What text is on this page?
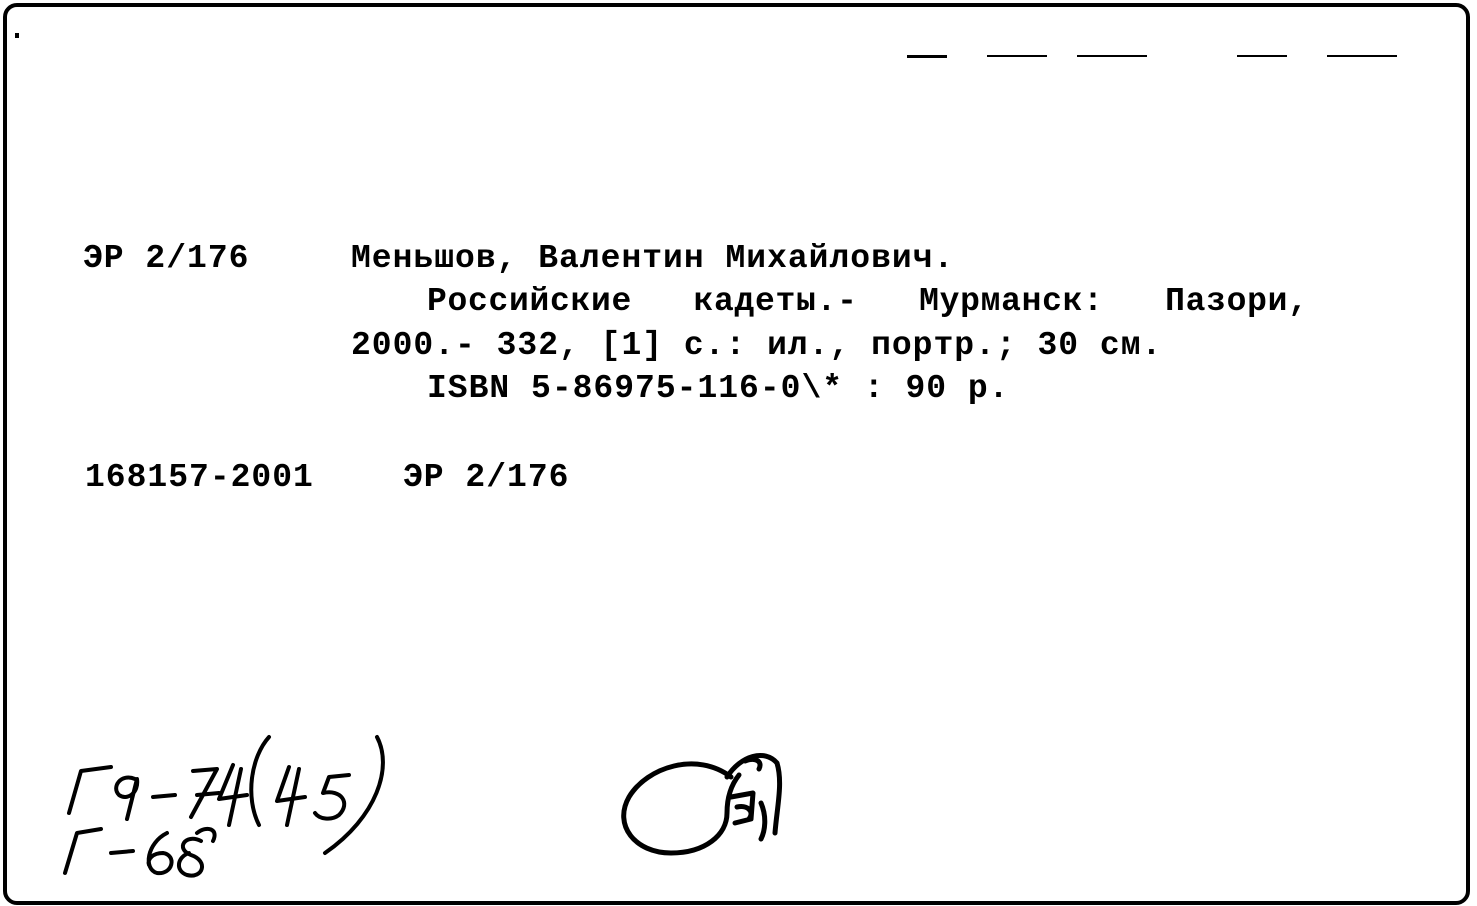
ЭР 2/176	Меньшов, Валентин Михайлович.
Российские   кадеты.-   Мурманск:   Пазори,
2000.- 332, [1] с.: ил., портр.; 30 см.
ISBN 5-86975-116-0\* : 90 р.
168157-2001	ЭР 2/176
